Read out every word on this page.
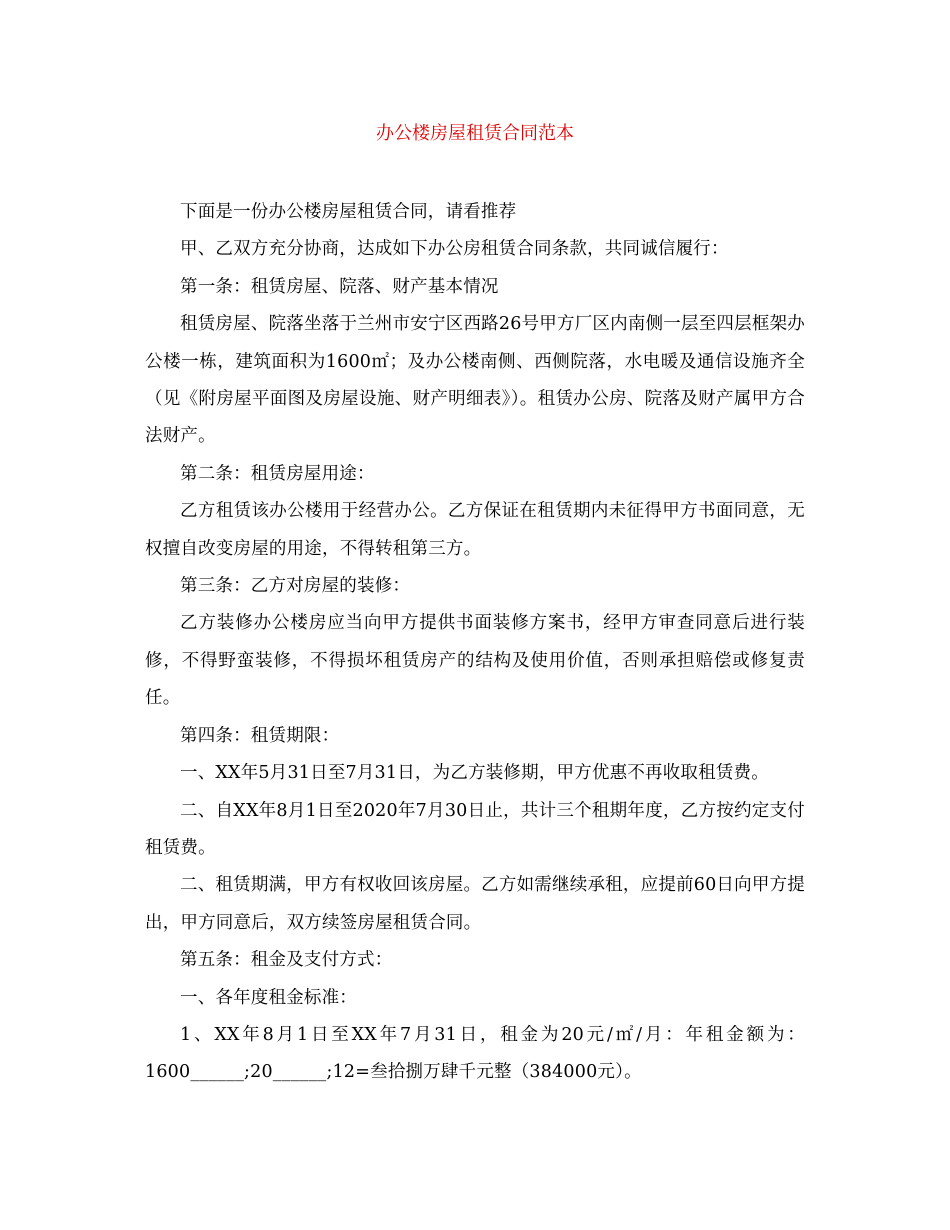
办公楼房屋租赁合同范本

下面是一份办公楼房屋租赁合同，请看推荐

甲、乙双方充分协商，达成如下办公房租赁合同条款，共同诚信履行：

第一条：租赁房屋、院落、财产基本情况

租赁房屋、院落坐落于兰州市安宁区西路26号甲方厂区内南侧一层至四层框架办公楼一栋，建筑面积为1600㎡；及办公楼南侧、西侧院落，水电暖及通信设施齐全（见《附房屋平面图及房屋设施、财产明细表》）。租赁办公房、院落及财产属甲方合法财产。

第二条：租赁房屋用途：

乙方租赁该办公楼用于经营办公。乙方保证在租赁期内未征得甲方书面同意，无权擅自改变房屋的用途，不得转租第三方。

第三条：乙方对房屋的装修：

乙方装修办公楼房应当向甲方提供书面装修方案书，经甲方审查同意后进行装修，不得野蛮装修，不得损坏租赁房产的结构及使用价值，否则承担赔偿或修复责任。

第四条：租赁期限：

一、XX年5月31日至7月31日，为乙方装修期，甲方优惠不再收取租赁费。

二、自XX年8月1日至2020年7月30日止，共计三个租期年度，乙方按约定支付租赁费。

二、租赁期满，甲方有权收回该房屋。乙方如需继续承租，应提前60日向甲方提出，甲方同意后，双方续签房屋租赁合同。

第五条：租金及支付方式：

一、各年度租金标准：

1、XX年8月1日至XX年7月31日，租金为20元/㎡/月：年租金额为：1600______;20______;12=叁拾捌万肆千元整（384000元）。
